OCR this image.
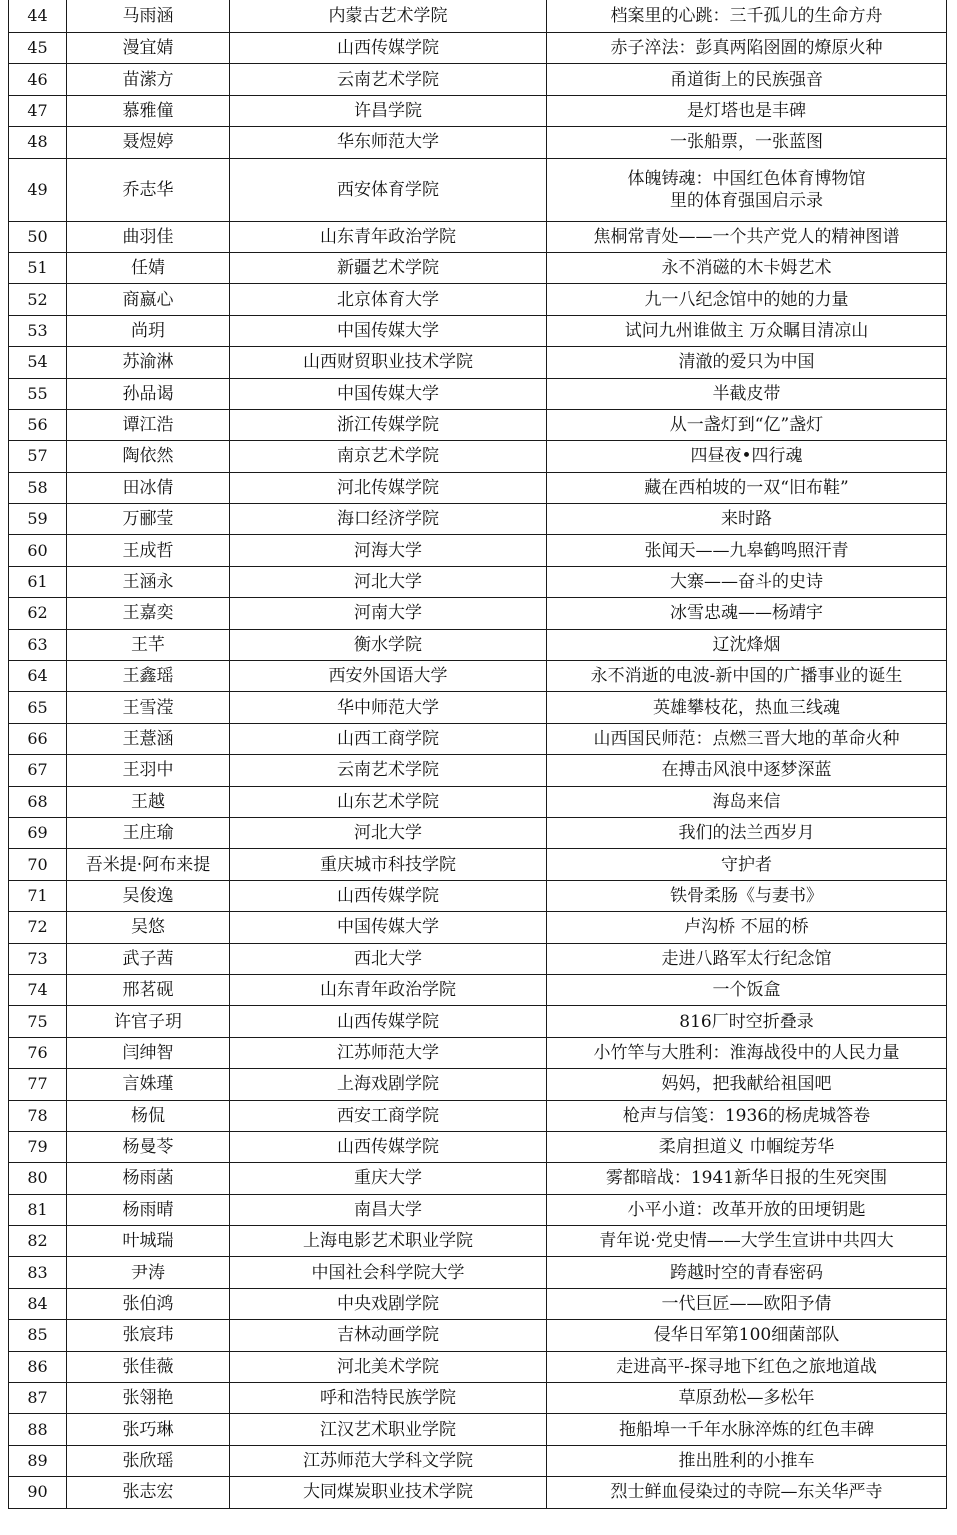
44	马雨涵	内蒙古艺术学院	档案里的心跳：三千孤儿的生命方舟
45	漫宜婧	山西传媒学院	赤子淬法：彭真两陷囹圄的燎原火种
46	苗潆方	云南艺术学院	甬道街上的民族强音
47	慕雅僮	许昌学院	是灯塔也是丰碑
48	聂煜婷	华东师范大学	一张船票，一张蓝图
49	乔志华	西安体育学院	体魄铸魂：中国红色体育博物馆
里的体育强国启示录

50	曲羽佳	山东青年政治学院	焦桐常青处——一个共产党人的精神图谱
51	任婧	新疆艺术学院	永不消磁的木卡姆艺术
52	商嬴心	北京体育大学	九一八纪念馆中的她的力量
53	尚玥	中国传媒大学	试问九州谁做主 万众瞩目清凉山
54	苏渝淋	山西财贸职业技术学院	清澈的爱只为中国
55	孙品谒	中国传媒大学	半截皮带
56	谭江浩	浙江传媒学院	从一盏灯到“亿”盏灯
57	陶依然	南京艺术学院	四昼夜•四行魂
58	田冰倩	河北传媒学院	藏在西柏坡的一双“旧布鞋”
59	万郦莹	海口经济学院	来时路
60	王成哲	河海大学	张闻天——九皋鹤鸣照汗青
61	王涵永	河北大学	大寨——奋斗的史诗
62	王嘉奕	河南大学	冰雪忠魂——杨靖宇
63	王芊	衡水学院	辽沈烽烟
64	王鑫瑶	西安外国语大学	永不消逝的电波-新中国的广播事业的诞生
65	王雪滢	华中师范大学	英雄攀枝花，热血三线魂
66	王薏涵	山西工商学院	山西国民师范：点燃三晋大地的革命火种
67	王羽中	云南艺术学院	在搏击风浪中逐梦深蓝
68	王越	山东艺术学院	海岛来信
69	王庄瑜	河北大学	我们的法兰西岁月
70	吾米提·阿布来提	重庆城市科技学院	守护者
71	吴俊逸	山西传媒学院	铁骨柔肠《与妻书》
72	吴悠	中国传媒大学	卢沟桥 不屈的桥
73	武子茜	西北大学	走进八路军太行纪念馆
74	邢茗砚	山东青年政治学院	一个饭盒
75	许官子玥	山西传媒学院	816厂时空折叠录
76	闫绅智	江苏师范大学	小竹竿与大胜利：淮海战役中的人民力量
77	言姝瑾	上海戏剧学院	妈妈，把我献给祖国吧
78	杨侃	西安工商学院	枪声与信笺：1936的杨虎城答卷
79	杨曼苓	山西传媒学院	柔肩担道义 巾帼绽芳华
80	杨雨菡	重庆大学	雾都暗战：1941新华日报的生死突围
81	杨雨晴	南昌大学	小平小道：改革开放的田埂钥匙
82	叶城瑞	上海电影艺术职业学院	青年说·党史情——大学生宣讲中共四大
83	尹涛	中国社会科学院大学	跨越时空的青春密码
84	张伯鸿	中央戏剧学院	一代巨匠——欧阳予倩
85	张宸玮	吉林动画学院	侵华日军第100细菌部队
86	张佳薇	河北美术学院	走进高平-探寻地下红色之旅地道战
87	张翎艳	呼和浩特民族学院	草原劲松—多松年
88	张巧琳	江汉艺术职业学院	拖船埠一千年水脉淬炼的红色丰碑
89	张欣瑶	江苏师范大学科文学院	推出胜利的小推车
90	张志宏	大同煤炭职业技术学院	烈士鲜血侵染过的寺院—东关华严寺
